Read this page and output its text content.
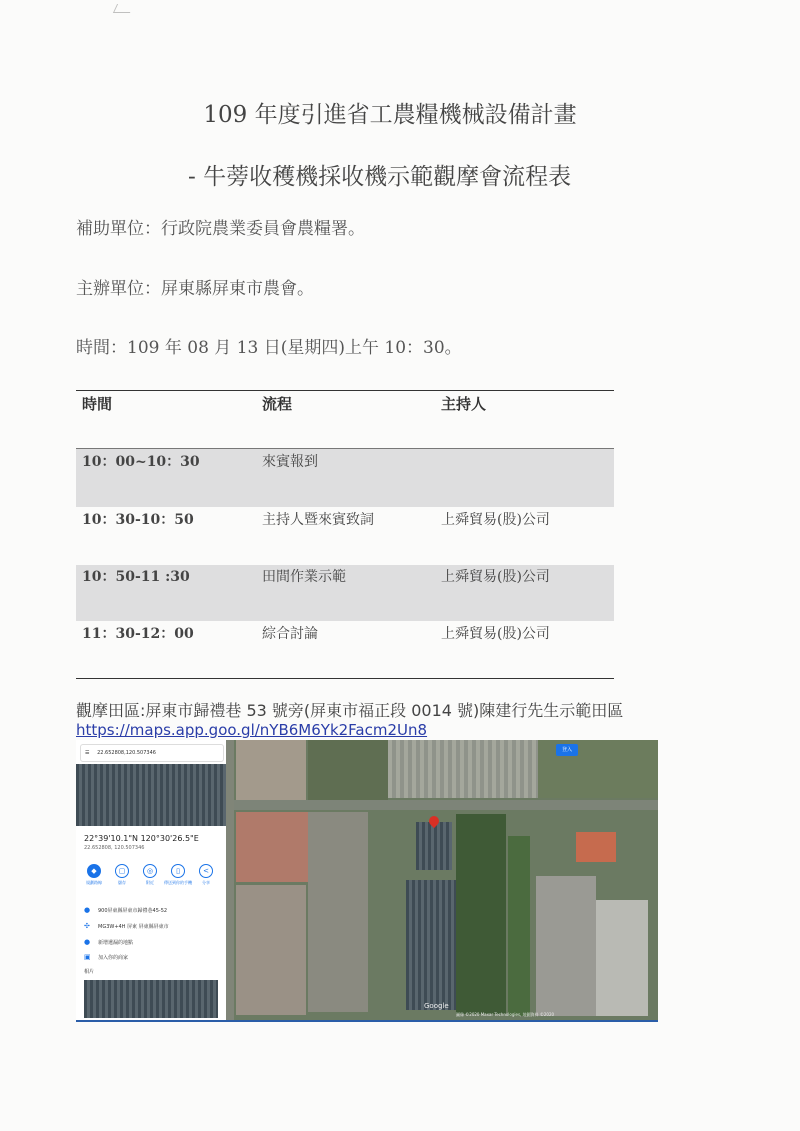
109 年度引進省工農糧機械設備計畫
- 牛蒡收穫機採收機示範觀摩會流程表
補助單位：行政院農業委員會農糧署。
主辦單位：屏東縣屏東市農會。
時間：109 年 08 月 13 日(星期四)上午 10：30。
時間	流程	主持人
10：00~10：30	來賓報到
10：30-10：50	主持人暨來賓致詞	上舜貿易(股)公司
10：50-11 :30	田間作業示範	上舜貿易(股)公司
11：30-12：00	綜合討論	上舜貿易(股)公司
觀摩田區:屏東市歸禮巷 53 號旁(屏東市福正段 0014 號)陳建行先生示範田區
https://maps.app.goo.gl/nYB6M6Yk2Facm2Un8
登入
Google
圖像 ©2020 Maxar Technologies, 地圖資料 ©2020
☰ 22.652808,120.507346
22°39'10.1"N 120°30'26.5"E
22.652808, 120.507346
◆
規劃路線
▢
儲存
◎
附近
▯
傳送到你的手機
<
分享
●	900屏東縣屏東市歸禮巷45-52
✣	MG3W+4H 屏東 屏東縣屏東市
●	新增遺漏的地點
▣ 加入你的商家
相片
